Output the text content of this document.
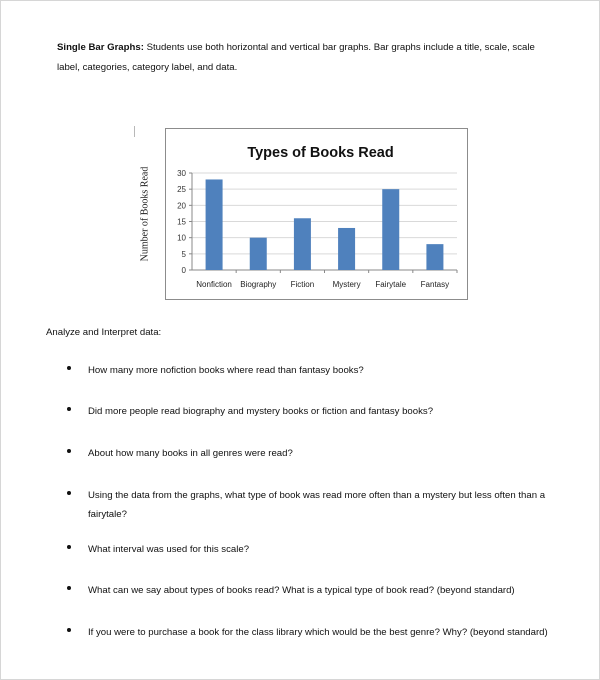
Single Bar Graphs: Students use both horizontal and vertical bar graphs. Bar graphs include a title, scale, scale label, categories, category label, and data.
Number of Books Read
Types of Books Read
0
5
10
15
20
25
30
Nonfiction Biography Fiction Mystery Fairytale Fantasy
Analyze and Interpret data:
How many more nofiction books where read than fantasy books?
Did more people read biography and mystery books or fiction and fantasy books?
About how many books in all genres were read?
Using the data from the graphs, what type of book was read more often than a mystery but less often than a fairytale?
What interval was used for this scale?
What can we say about types of books read? What is a typical type of book read? (beyond standard)
If you were to purchase a book for the class library which would be the best genre? Why? (beyond standard)
